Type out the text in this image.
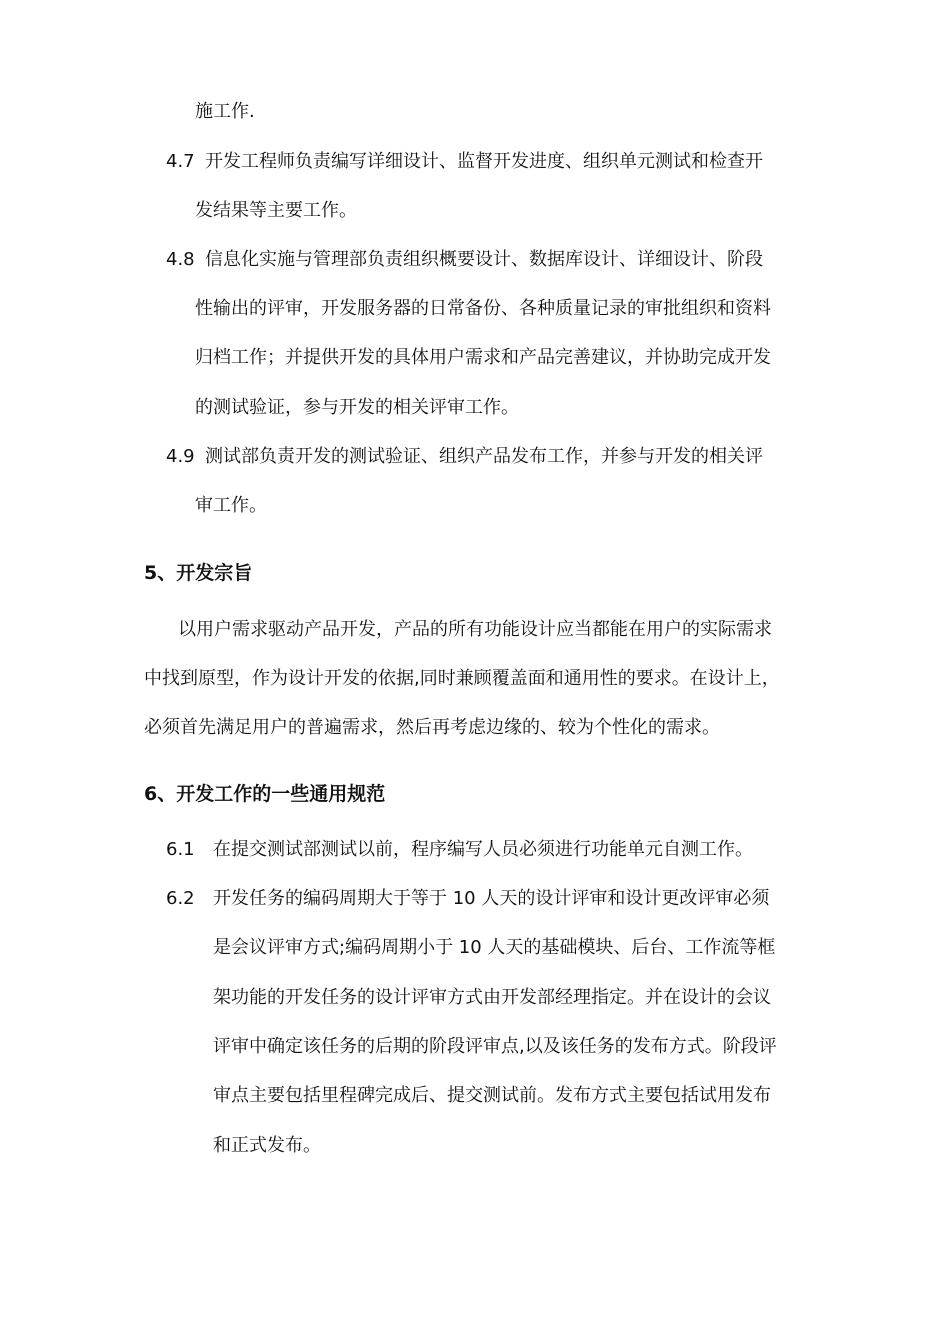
施工作.
4.7 开发工程师负责编写详细设计、监督开发进度、组织单元测试和检查开
发结果等主要工作。
4.8 信息化实施与管理部负责组织概要设计、数据库设计、详细设计、阶段
性输出的评审，开发服务器的日常备份、各种质量记录的审批组织和资料
归档工作；并提供开发的具体用户需求和产品完善建议，并协助完成开发
的测试验证，参与开发的相关评审工作。
4.9 测试部负责开发的测试验证、组织产品发布工作，并参与开发的相关评
审工作。
5、开发宗旨
以用户需求驱动产品开发，产品的所有功能设计应当都能在用户的实际需求
中找到原型，作为设计开发的依据,同时兼顾覆盖面和通用性的要求。在设计上，
必须首先满足用户的普遍需求，然后再考虑边缘的、较为个性化的需求。
6、开发工作的一些通用规范
6.1 在提交测试部测试以前，程序编写人员必须进行功能单元自测工作。
6.2 开发任务的编码周期大于等于 10 人天的设计评审和设计更改评审必须
是会议评审方式;编码周期小于 10 人天的基础模块、后台、工作流等框
架功能的开发任务的设计评审方式由开发部经理指定。并在设计的会议
评审中确定该任务的后期的阶段评审点,以及该任务的发布方式。阶段评
审点主要包括里程碑完成后、提交测试前。发布方式主要包括试用发布
和正式发布。
